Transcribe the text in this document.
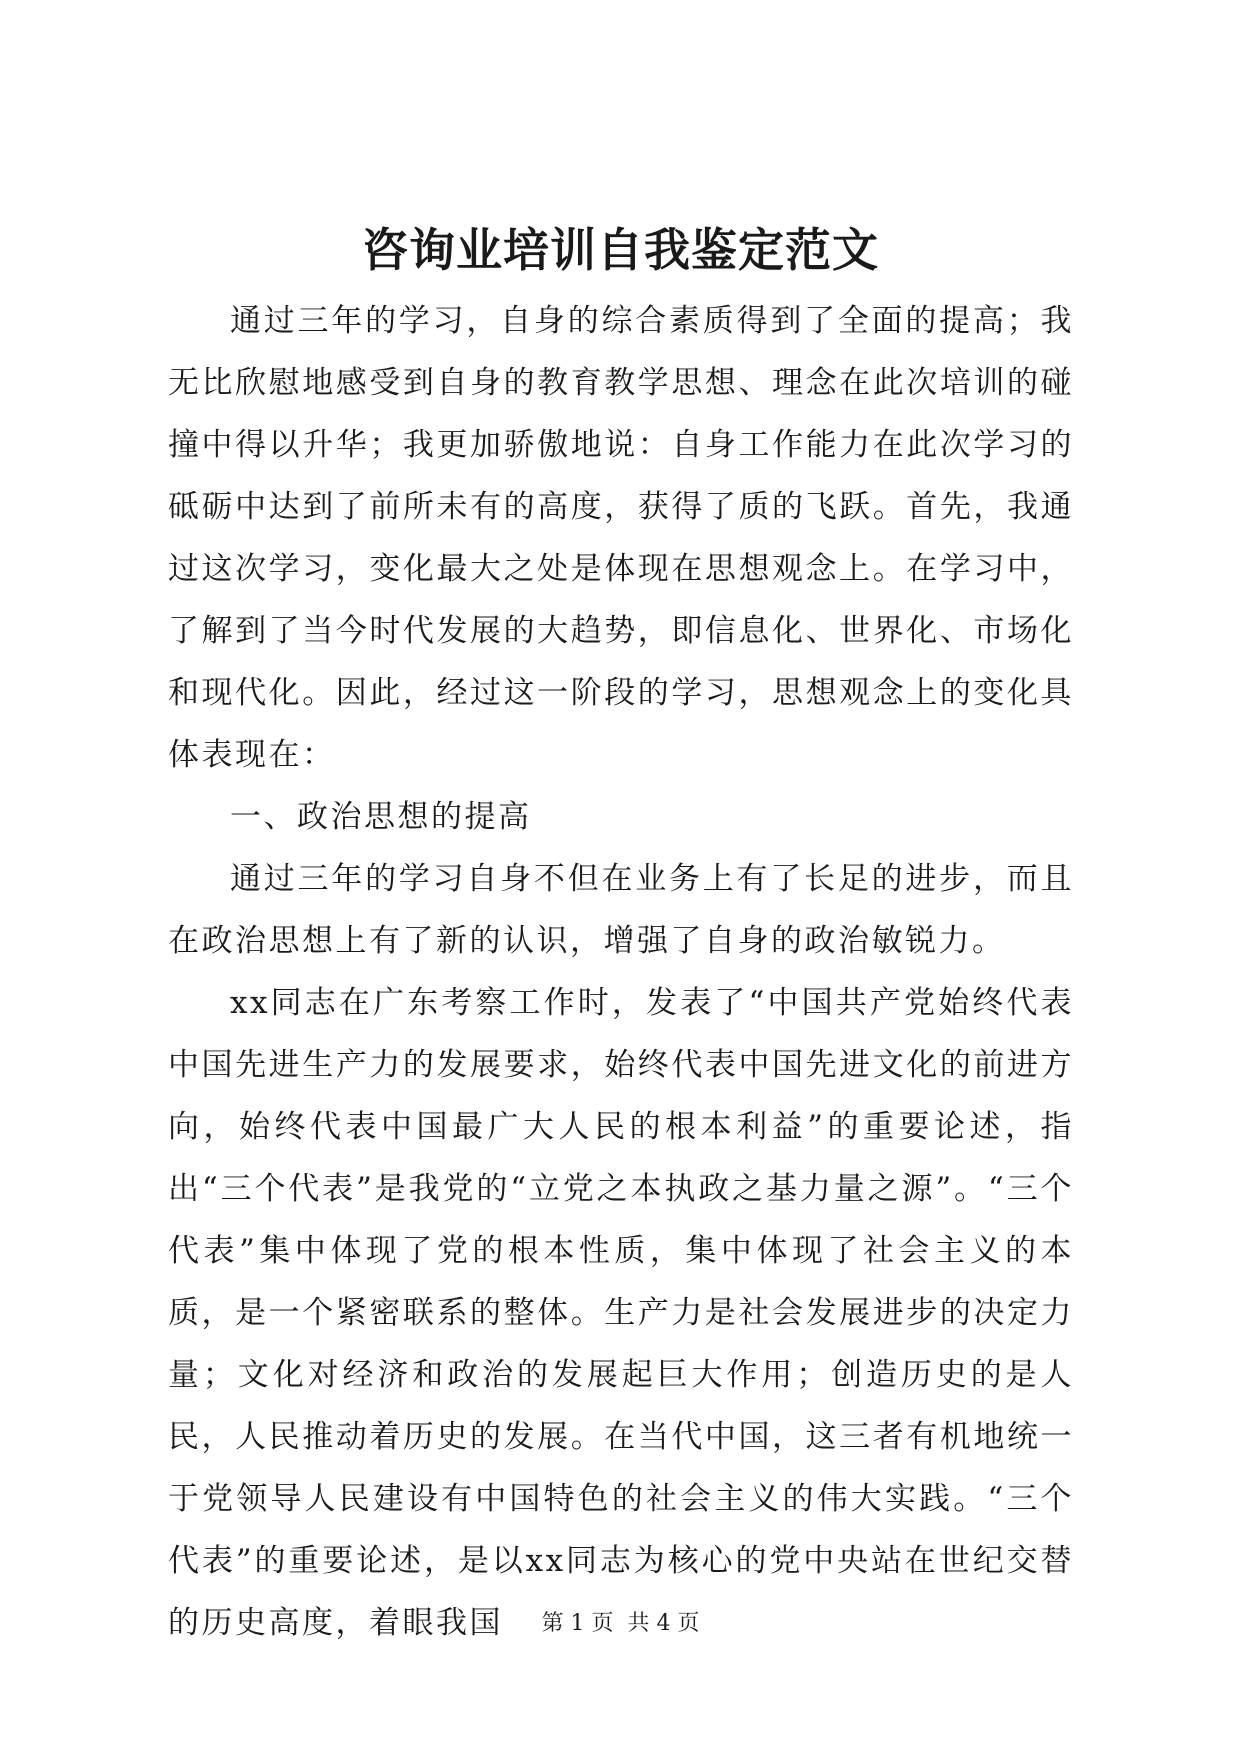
咨询业培训自我鉴定范文

通过三年的学习，自身的综合素质得到了全面的提高；我无比欣慰地感受到自身的教育教学思想、理念在此次培训的碰撞中得以升华；我更加骄傲地说：自身工作能力在此次学习的砥砺中达到了前所未有的高度，获得了质的飞跃。首先，我通过这次学习，变化最大之处是体现在思想观念上。在学习中，了解到了当今时代发展的大趋势，即信息化、世界化、市场化和现代化。因此，经过这一阶段的学习，思想观念上的变化具体表现在：

一、政治思想的提高

通过三年的学习自身不但在业务上有了长足的进步，而且在政治思想上有了新的认识，增强了自身的政治敏锐力。

xx同志在广东考察工作时，发表了“中国共产党始终代表中国先进生产力的发展要求，始终代表中国先进文化的前进方向，始终代表中国最广大人民的根本利益”的重要论述，指出“三个代表”是我党的“立党之本执政之基力量之源”。“三个代表”集中体现了党的根本性质，集中体现了社会主义的本质，是一个紧密联系的整体。生产力是社会发展进步的决定力量；文化对经济和政治的发展起巨大作用；创造历史的是人民，人民推动着历史的发展。在当代中国，这三者有机地统一于党领导人民建设有中国特色的社会主义的伟大实践。“三个代表”的重要论述，是以xx同志为核心的党中央站在世纪交替的历史高度，着眼我国	第 1 页  共 4 页
